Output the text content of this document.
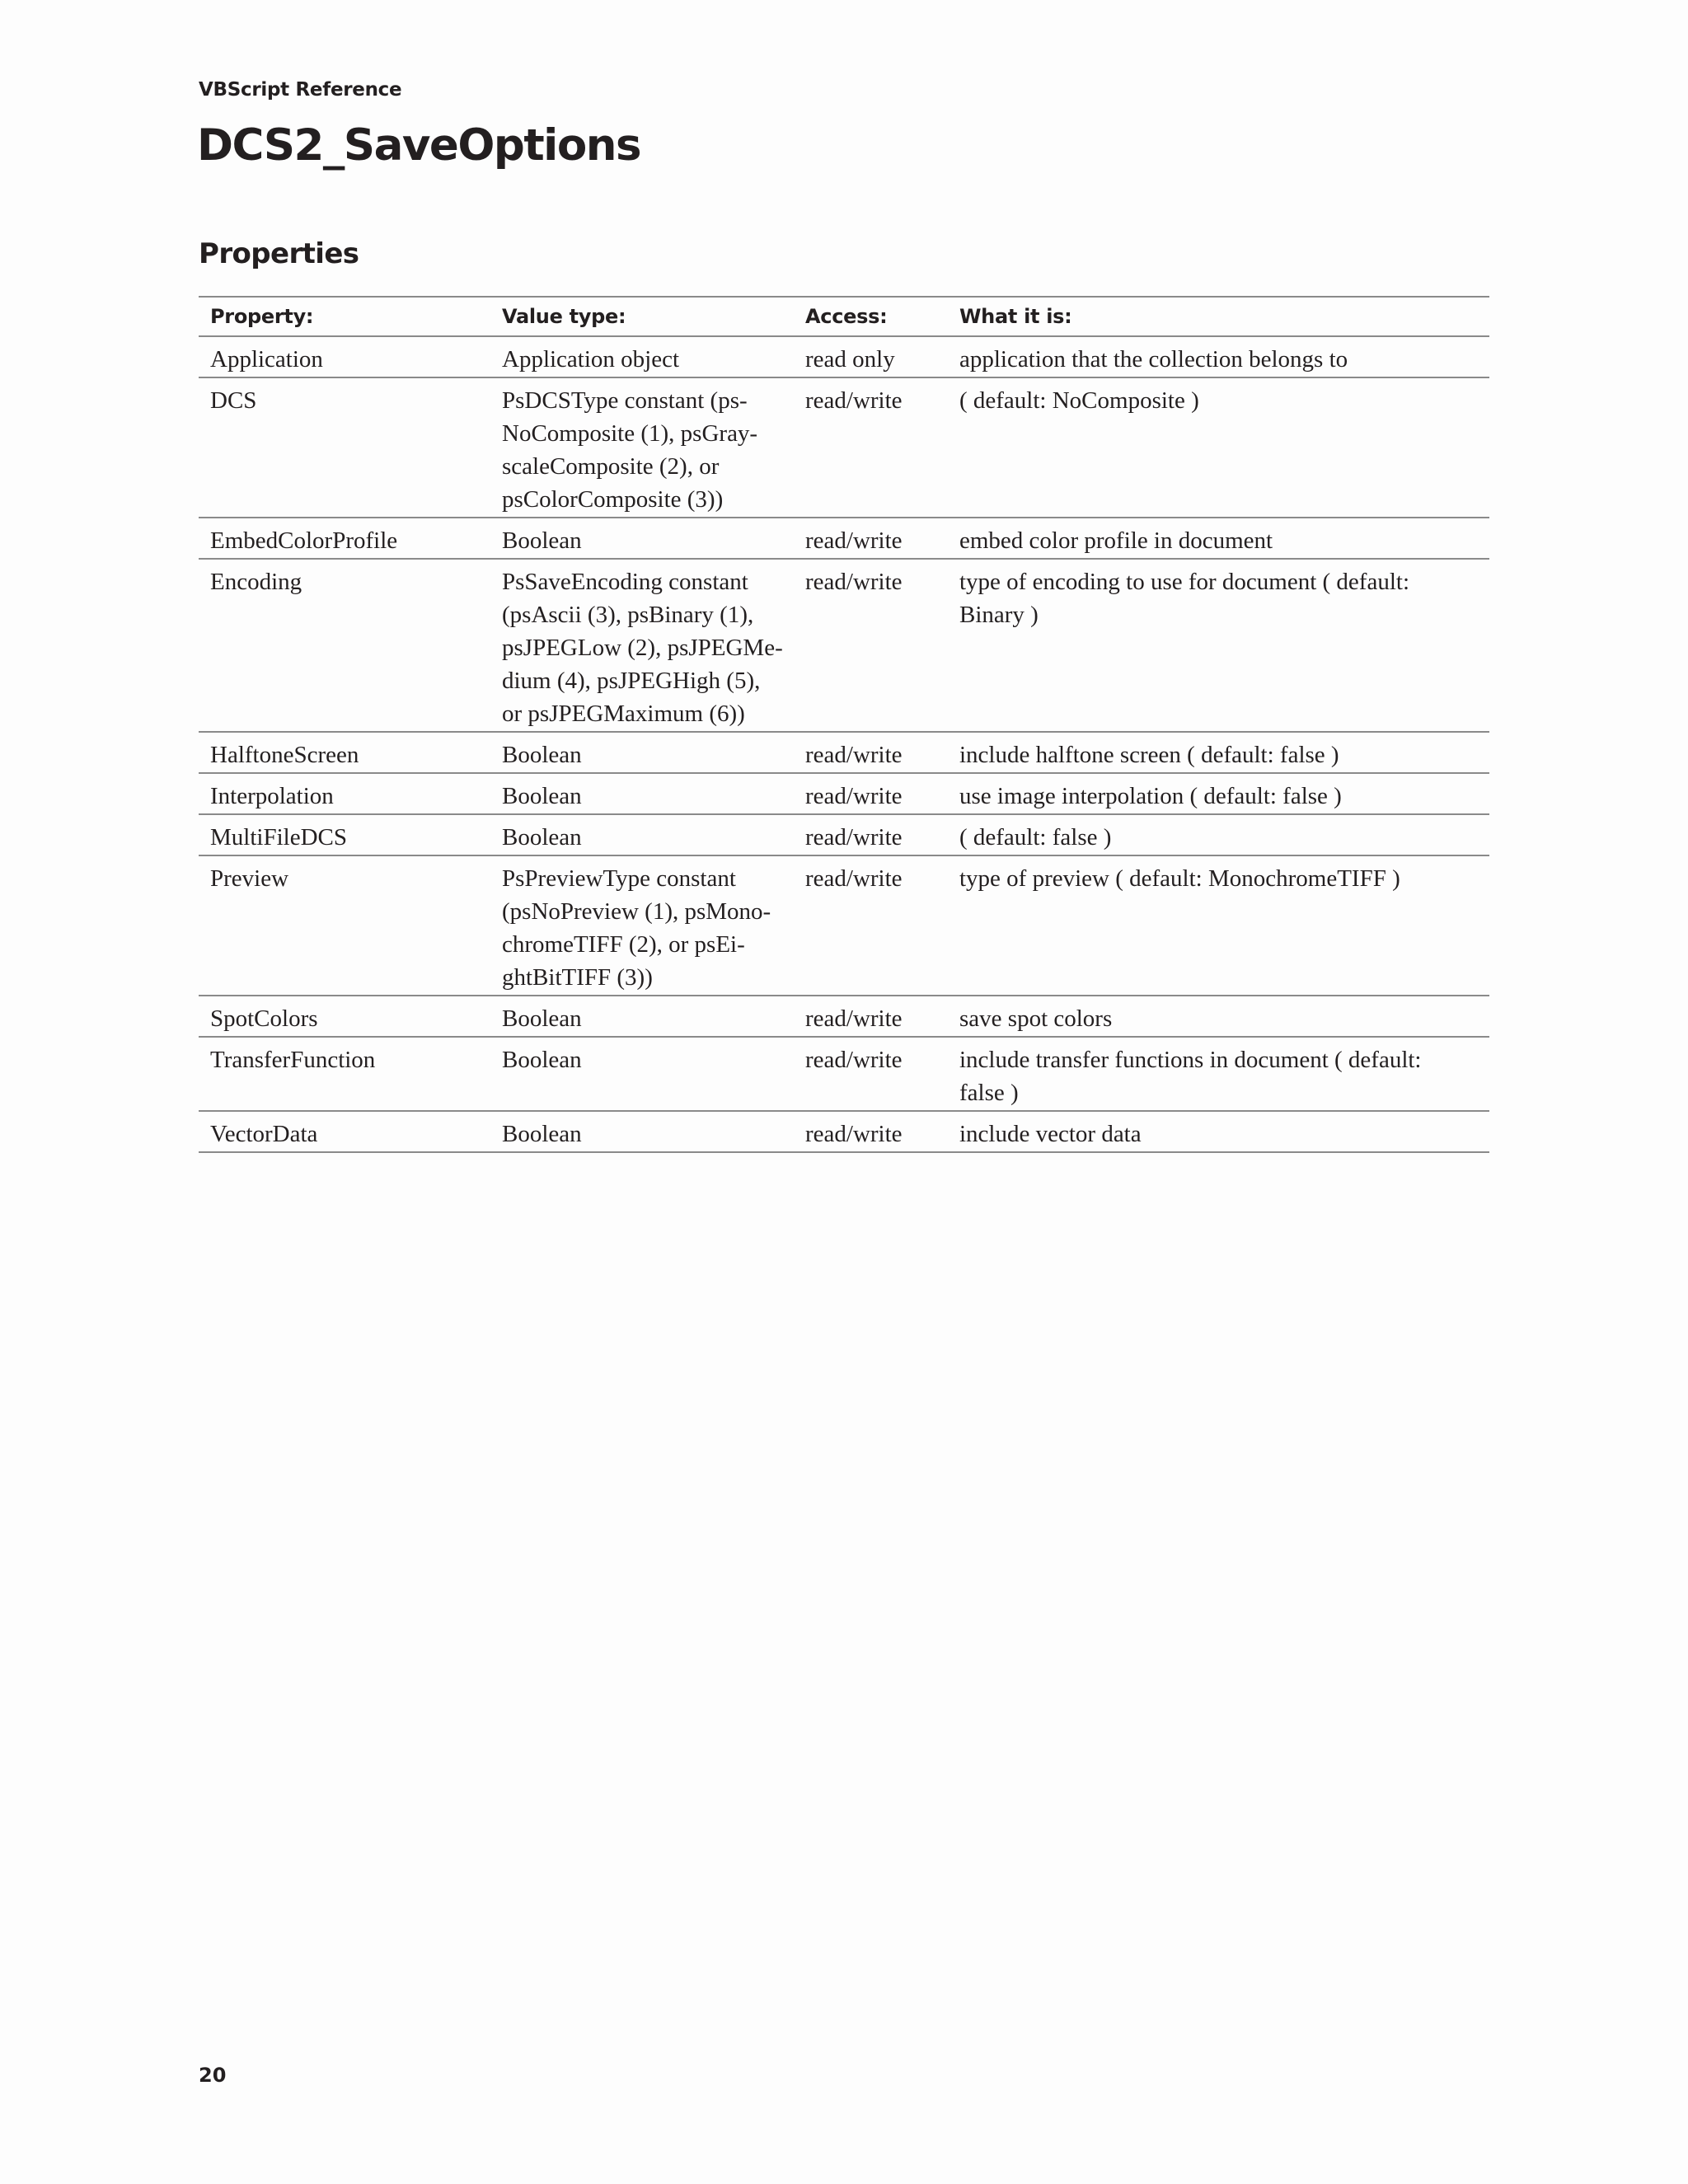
VBScript Reference
DCS2_SaveOptions
Properties
Property:	Value type:	Access:	What it is:
Application	Application object	read only	application that the collection belongs to
DCS	PsDCSType constant (ps-
NoComposite (1), psGray-
scaleComposite (2), or
psColorComposite (3))	read/write	( default: NoComposite )
EmbedColorProfile	Boolean	read/write	embed color profile in document
Encoding	PsSaveEncoding constant
(psAscii (3), psBinary (1),
psJPEGLow (2), psJPEGMe-
dium (4), psJPEGHigh (5),
or psJPEGMaximum (6))	read/write	type of encoding to use for document ( default:
Binary )
HalftoneScreen	Boolean	read/write	include halftone screen ( default: false )
Interpolation	Boolean	read/write	use image interpolation ( default: false )
MultiFileDCS	Boolean	read/write	( default: false )
Preview	PsPreviewType constant
(psNoPreview (1), psMono-
chromeTIFF (2), or psEi-
ghtBitTIFF (3))	read/write	type of preview ( default: MonochromeTIFF )
SpotColors	Boolean	read/write	save spot colors
TransferFunction	Boolean	read/write	include transfer functions in document ( default:
false )
VectorData	Boolean	read/write	include vector data
20
